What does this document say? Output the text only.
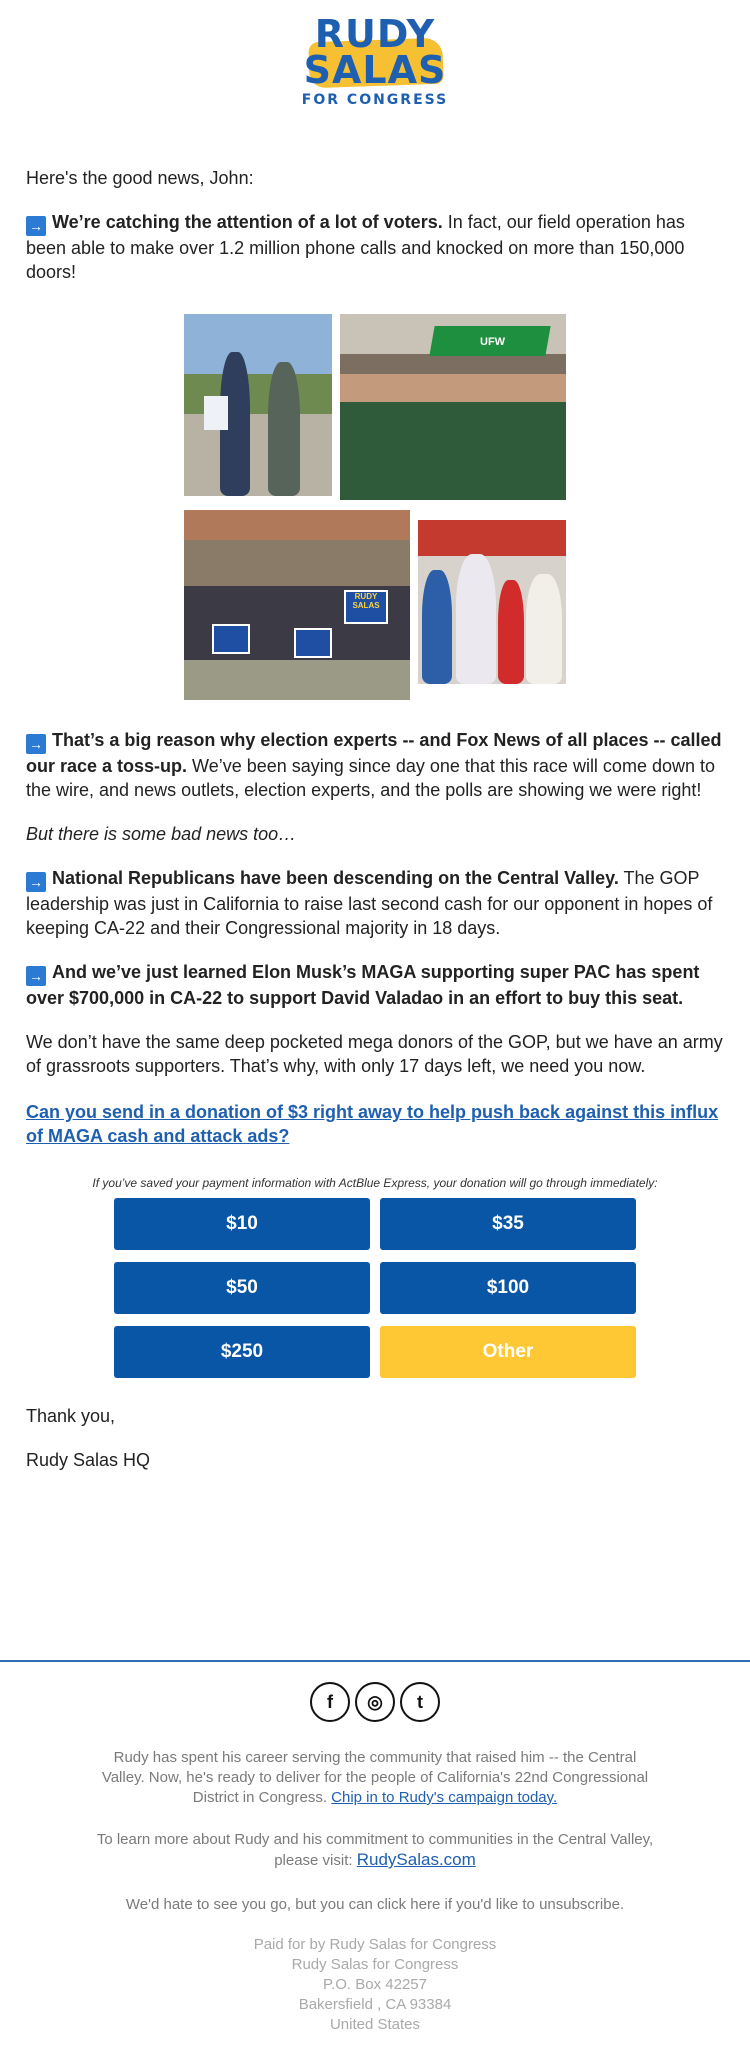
RUDY
SALAS
FOR CONGRESS

Here's the good news, John:

→ We’re catching the attention of a lot of voters. In fact, our field operation has been able to make over 1.2 million phone calls and knocked on more than 150,000 doors!

UFW
RUDY SALAS

→ That’s a big reason why election experts -- and Fox News of all places -- called our race a toss-up. We’ve been saying since day one that this race will come down to the wire, and news outlets, election experts, and the polls are showing we were right!

But there is some bad news too…

→ National Republicans have been descending on the Central Valley. The GOP leadership was just in California to raise last second cash for our opponent in hopes of keeping CA-22 and their Congressional majority in 18 days.

→ And we’ve just learned Elon Musk’s MAGA supporting super PAC has spent over $700,000 in CA-22 to support David Valadao in an effort to buy this seat.

We don’t have the same deep pocketed mega donors of the GOP, but we have an army of grassroots supporters. That’s why, with only 17 days left, we need you now.

Can you send in a donation of $3 right away to help push back against this influx of MAGA cash and attack ads?
If you’ve saved your payment information with ActBlue Express, your donation will go through immediately:
$10	$35
$50	$100
$250	Other

Thank you,

Rudy Salas HQ

f	◎	t
Rudy has spent his career serving the community that raised him -- the Central Valley. Now, he's ready to deliver for the people of California's 22nd Congressional District in Congress. Chip in to Rudy's campaign today.
To learn more about Rudy and his commitment to communities in the Central Valley, please visit: RudySalas.com
We'd hate to see you go, but you can click here if you'd like to unsubscribe.
Paid for by Rudy Salas for Congress
Rudy Salas for Congress
P.O. Box 42257
Bakersfield , CA 93384
United States
